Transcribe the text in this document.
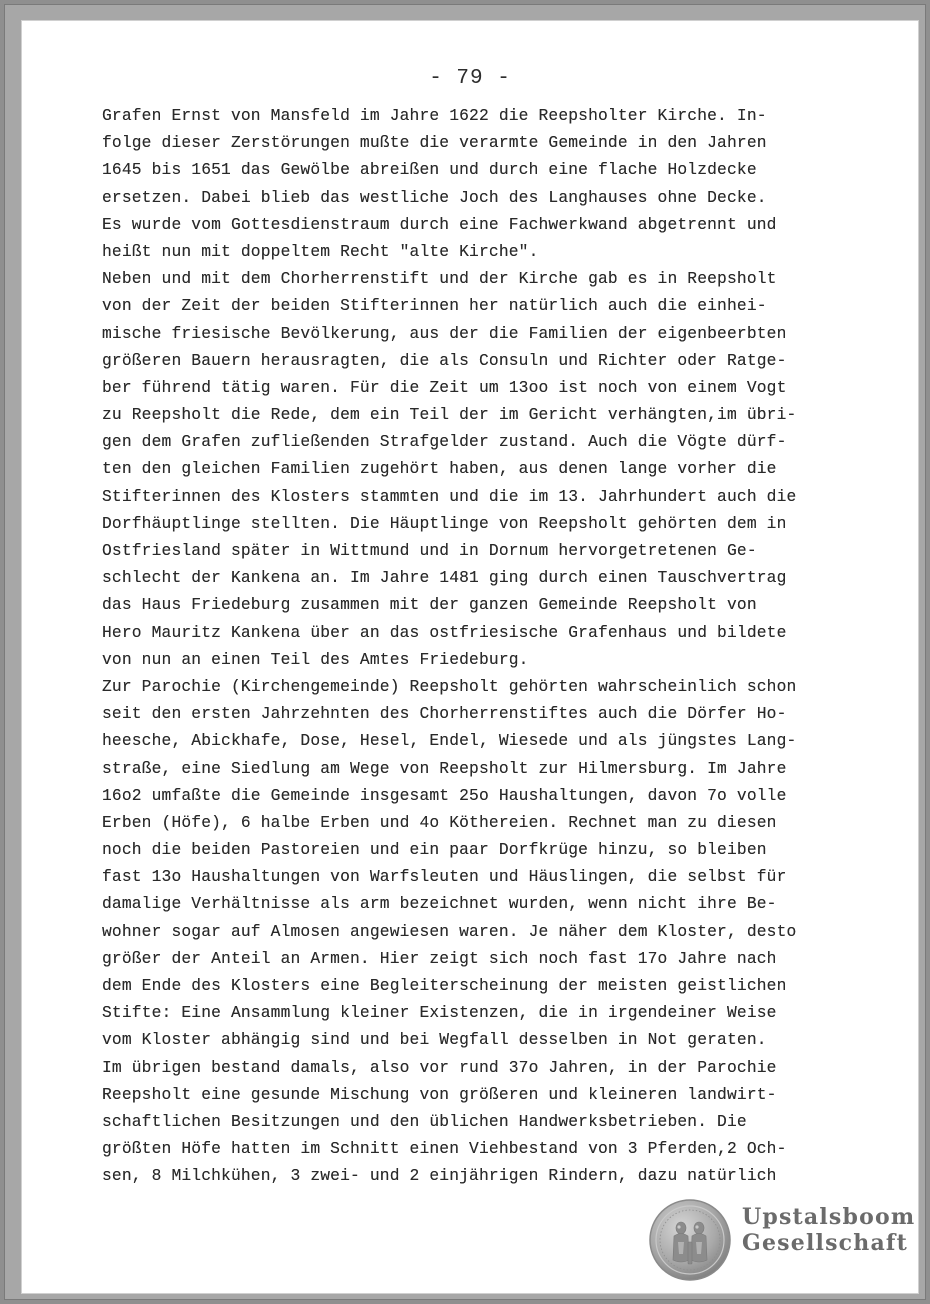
- 79 -
Grafen Ernst von Mansfeld im Jahre 1622 die Reepsholter Kirche. In-
folge dieser Zerstörungen mußte die verarmte Gemeinde in den Jahren
1645 bis 1651 das Gewölbe abreißen und durch eine flache Holzdecke
ersetzen. Dabei blieb das westliche Joch des Langhauses ohne Decke.
Es wurde vom Gottesdienstraum durch eine Fachwerkwand abgetrennt und
heißt nun mit doppeltem Recht "alte Kirche".
Neben und mit dem Chorherrenstift und der Kirche gab es in Reepsholt
von der Zeit der beiden Stifterinnen her natürlich auch die einhei-
mische friesische Bevölkerung, aus der die Familien der eigenbeerbten
größeren Bauern herausragten, die als Consuln und Richter oder Ratge-
ber führend tätig waren. Für die Zeit um 13oo ist noch von einem Vogt
zu Reepsholt die Rede, dem ein Teil der im Gericht verhängten,im übri-
gen dem Grafen zufließenden Strafgelder zustand. Auch die Vögte dürf-
ten den gleichen Familien zugehört haben, aus denen lange vorher die
Stifterinnen des Klosters stammten und die im 13. Jahrhundert auch die
Dorfhäuptlinge stellten. Die Häuptlinge von Reepsholt gehörten dem in
Ostfriesland später in Wittmund und in Dornum hervorgetretenen Ge-
schlecht der Kankena an. Im Jahre 1481 ging durch einen Tauschvertrag
das Haus Friedeburg zusammen mit der ganzen Gemeinde Reepsholt von
Hero Mauritz Kankena über an das ostfriesische Grafenhaus und bildete
von nun an einen Teil des Amtes Friedeburg.
Zur Parochie (Kirchengemeinde) Reepsholt gehörten wahrscheinlich schon
seit den ersten Jahrzehnten des Chorherrenstiftes auch die Dörfer Ho-
heesche, Abickhafe, Dose, Hesel, Endel, Wiesede und als jüngstes Lang-
straße, eine Siedlung am Wege von Reepsholt zur Hilmersburg. Im Jahre
16o2 umfaßte die Gemeinde insgesamt 25o Haushaltungen, davon 7o volle
Erben (Höfe), 6 halbe Erben und 4o Köthereien. Rechnet man zu diesen
noch die beiden Pastoreien und ein paar Dorfkrüge hinzu, so bleiben
fast 13o Haushaltungen von Warfsleuten und Häuslingen, die selbst für
damalige Verhältnisse als arm bezeichnet wurden, wenn nicht ihre Be-
wohner sogar auf Almosen angewiesen waren. Je näher dem Kloster, desto
größer der Anteil an Armen. Hier zeigt sich noch fast 17o Jahre nach
dem Ende des Klosters eine Begleiterscheinung der meisten geistlichen
Stifte: Eine Ansammlung kleiner Existenzen, die in irgendeiner Weise
vom Kloster abhängig sind und bei Wegfall desselben in Not geraten.
Im übrigen bestand damals, also vor rund 37o Jahren, in der Parochie
Reepsholt eine gesunde Mischung von größeren und kleineren landwirt-
schaftlichen Besitzungen und den üblichen Handwerksbetrieben. Die
größten Höfe hatten im Schnitt einen Viehbestand von 3 Pferden,2 Och-
sen, 8 Milchkühen, 3 zwei- und 2 einjährigen Rindern, dazu natürlich
Upstalsboom
Gesellschaft
